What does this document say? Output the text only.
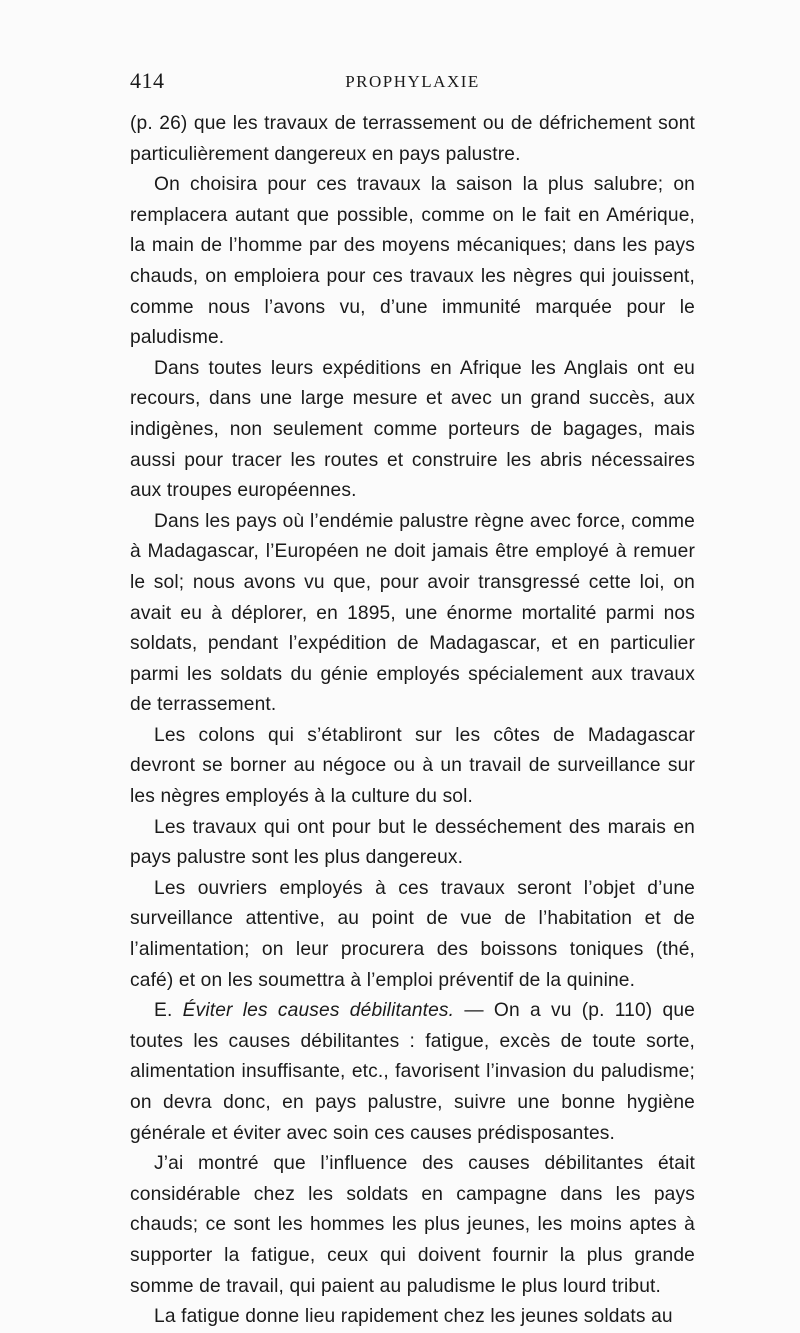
414	PROPHYLAXIE

(p. 26) que les travaux de terrassement ou de défrichement sont particulièrement dangereux en pays palustre.

On choisira pour ces travaux la saison la plus salubre; on remplacera autant que possible, comme on le fait en Amérique, la main de l’homme par des moyens mécaniques; dans les pays chauds, on emploiera pour ces travaux les nègres qui jouissent, comme nous l’avons vu, d’une immunité marquée pour le paludisme.

Dans toutes leurs expéditions en Afrique les Anglais ont eu recours, dans une large mesure et avec un grand succès, aux indigènes, non seulement comme porteurs de bagages, mais aussi pour tracer les routes et construire les abris nécessaires aux troupes européennes.

Dans les pays où l’endémie palustre règne avec force, comme à Madagascar, l’Européen ne doit jamais être employé à remuer le sol; nous avons vu que, pour avoir transgressé cette loi, on avait eu à déplorer, en 1895, une énorme mortalité parmi nos soldats, pendant l’expédition de Madagascar, et en particulier parmi les soldats du génie employés spécialement aux travaux de terrassement.

Les colons qui s’établiront sur les côtes de Madagascar devront se borner au négoce ou à un travail de surveillance sur les nègres employés à la culture du sol.

Les travaux qui ont pour but le desséchement des marais en pays palustre sont les plus dangereux.

Les ouvriers employés à ces travaux seront l’objet d’une surveillance attentive, au point de vue de l’habitation et de l’alimentation; on leur procurera des boissons toniques (thé, café) et on les soumettra à l’emploi préventif de la quinine.

E. Éviter les causes débilitantes. — On a vu (p. 110) que toutes les causes débilitantes : fatigue, excès de toute sorte, alimentation insuffisante, etc., favorisent l’invasion du paludisme; on devra donc, en pays palustre, suivre une bonne hygiène générale et éviter avec soin ces causes prédisposantes.

J’ai montré que l’influence des causes débilitantes était considérable chez les soldats en campagne dans les pays chauds; ce sont les hommes les plus jeunes, les moins aptes à supporter la fatigue, ceux qui doivent fournir la plus grande somme de travail, qui paient au paludisme le plus lourd tribut.

La fatigue donne lieu rapidement chez les jeunes soldats au
